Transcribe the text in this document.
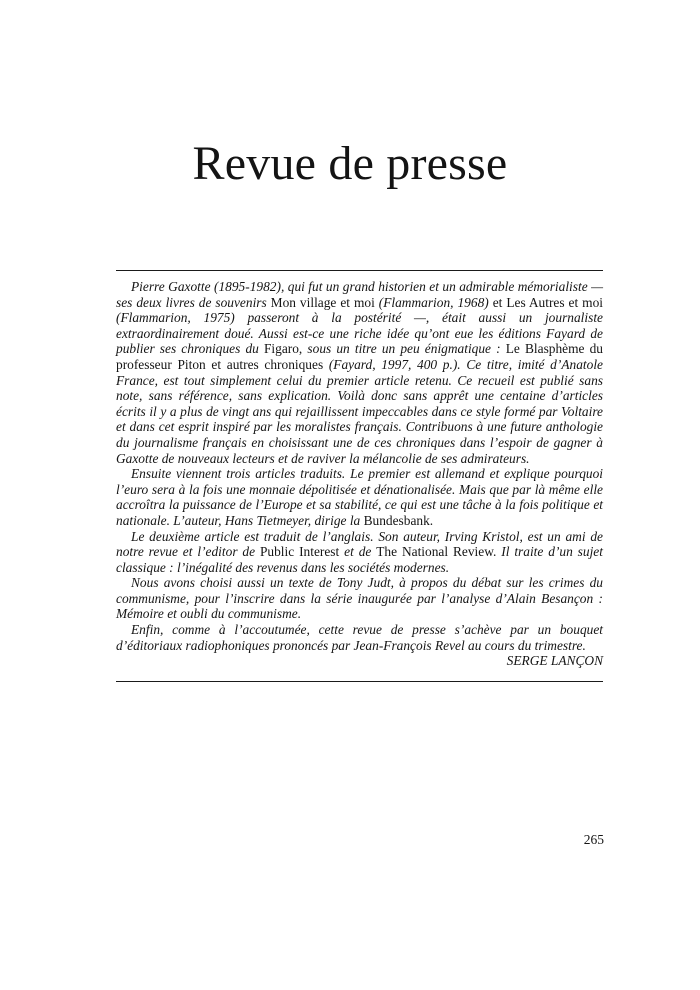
Revue de presse

Pierre Gaxotte (1895-1982), qui fut un grand historien et un admirable mémorialiste — ses deux livres de souvenirs Mon village et moi (Flammarion, 1968) et Les Autres et moi (Flammarion, 1975) passeront à la postérité —, était aussi un journaliste extraordinairement doué. Aussi est-ce une riche idée qu’ont eue les éditions Fayard de publier ses chroniques du Figaro, sous un titre un peu énigmatique : Le Blasphème du professeur Piton et autres chroniques (Fayard, 1997, 400 p.). Ce titre, imité d’Anatole France, est tout simplement celui du premier article retenu. Ce recueil est publié sans note, sans référence, sans explication. Voilà donc sans apprêt une centaine d’articles écrits il y a plus de vingt ans qui rejaillissent impeccables dans ce style formé par Voltaire et dans cet esprit inspiré par les moralistes français. Contribuons à une future anthologie du journalisme français en choisissant une de ces chroniques dans l’espoir de gagner à Gaxotte de nouveaux lecteurs et de raviver la mélancolie de ses admirateurs.

Ensuite viennent trois articles traduits. Le premier est allemand et explique pourquoi l’euro sera à la fois une monnaie dépolitisée et dénationalisée. Mais que par là même elle accroîtra la puissance de l’Europe et sa stabilité, ce qui est une tâche à la fois politique et nationale. L’auteur, Hans Tietmeyer, dirige la Bundesbank.

Le deuxième article est traduit de l’anglais. Son auteur, Irving Kristol, est un ami de notre revue et l’editor de Public Interest et de The National Review. Il traite d’un sujet classique : l’inégalité des revenus dans les sociétés modernes.

Nous avons choisi aussi un texte de Tony Judt, à propos du débat sur les crimes du communisme, pour l’inscrire dans la série inaugurée par l’analyse d’Alain Besançon : Mémoire et oubli du communisme.

Enfin, comme à l’accoutumée, cette revue de presse s’achève par un bouquet d’éditoriaux radiophoniques prononcés par Jean-François Revel au cours du trimestre.

SERGE LANÇON

265
